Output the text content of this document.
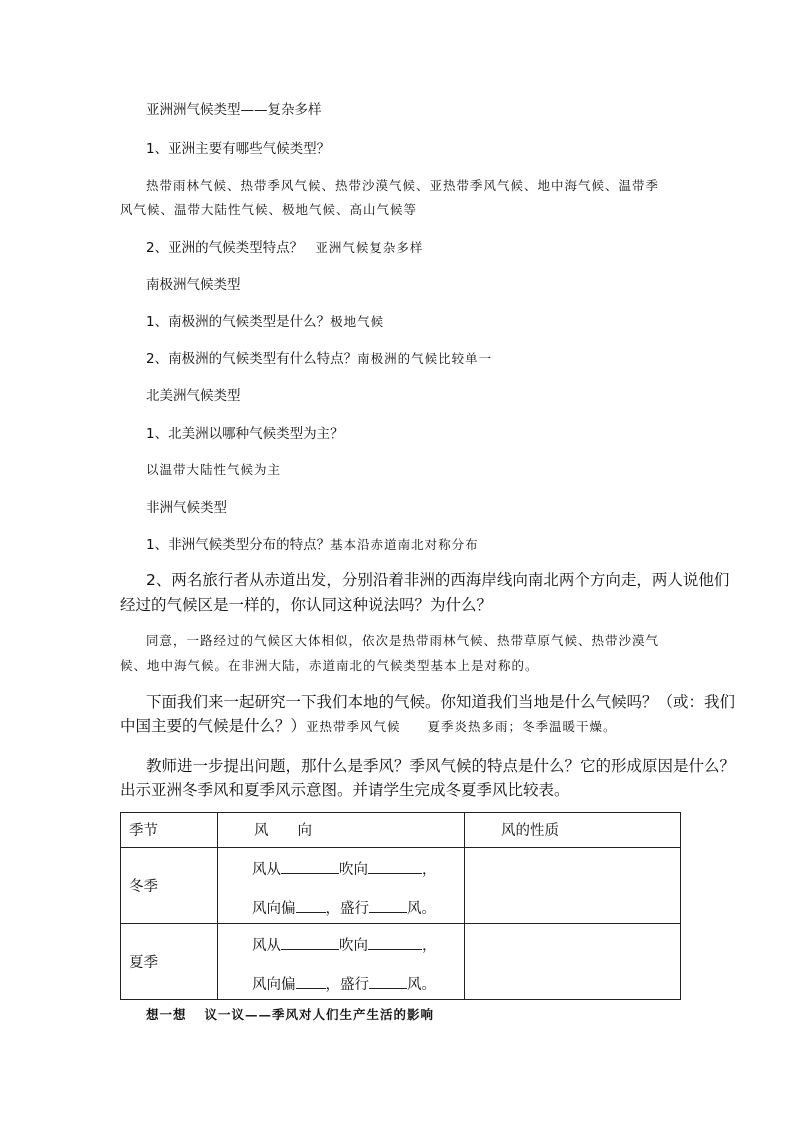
亚洲洲气候类型——复杂多样
1、亚洲主要有哪些气候类型？
热带雨林气候、热带季风气候、热带沙漠气候、亚热带季风气候、地中海气候、温带季
风气候、温带大陆性气候、极地气候、高山气候等
2、亚洲的气候类型特点？ 亚洲气候复杂多样
南极洲气候类型
1、南极洲的气候类型是什么？极地气候
2、南极洲的气候类型有什么特点？南极洲的气候比较单一
北美洲气候类型
1、北美洲以哪种气候类型为主？
以温带大陆性气候为主
非洲气候类型
1、非洲气候类型分布的特点？基本沿赤道南北对称分布
2、两名旅行者从赤道出发，分别沿着非洲的西海岸线向南北两个方向走，两人说他们
经过的气候区是一样的，你认同这种说法吗？为什么？
同意，一路经过的气候区大体相似，依次是热带雨林气候、热带草原气候、热带沙漠气
候、地中海气候。在非洲大陆，赤道南北的气候类型基本上是对称的。
下面我们来一起研究一下我们本地的气候。你知道我们当地是什么气候吗？（或：我们
中国主要的气候是什么？）亚热带季风气候　　夏季炎热多雨；冬季温暖干燥。
教师进一步提出问题，那什么是季风？季风气候的特点是什么？它的形成原因是什么？
出示亚洲冬季风和夏季风示意图。并请学生完成冬夏季风比较表。
季节	风　　向	风的性质

冬季	风从 吹向 ，

风向偏 ，盛行 风。	

夏季	风从 吹向 ，

风向偏 ，盛行 风。	

想一想 议一议——季风对人们生产生活的影响
